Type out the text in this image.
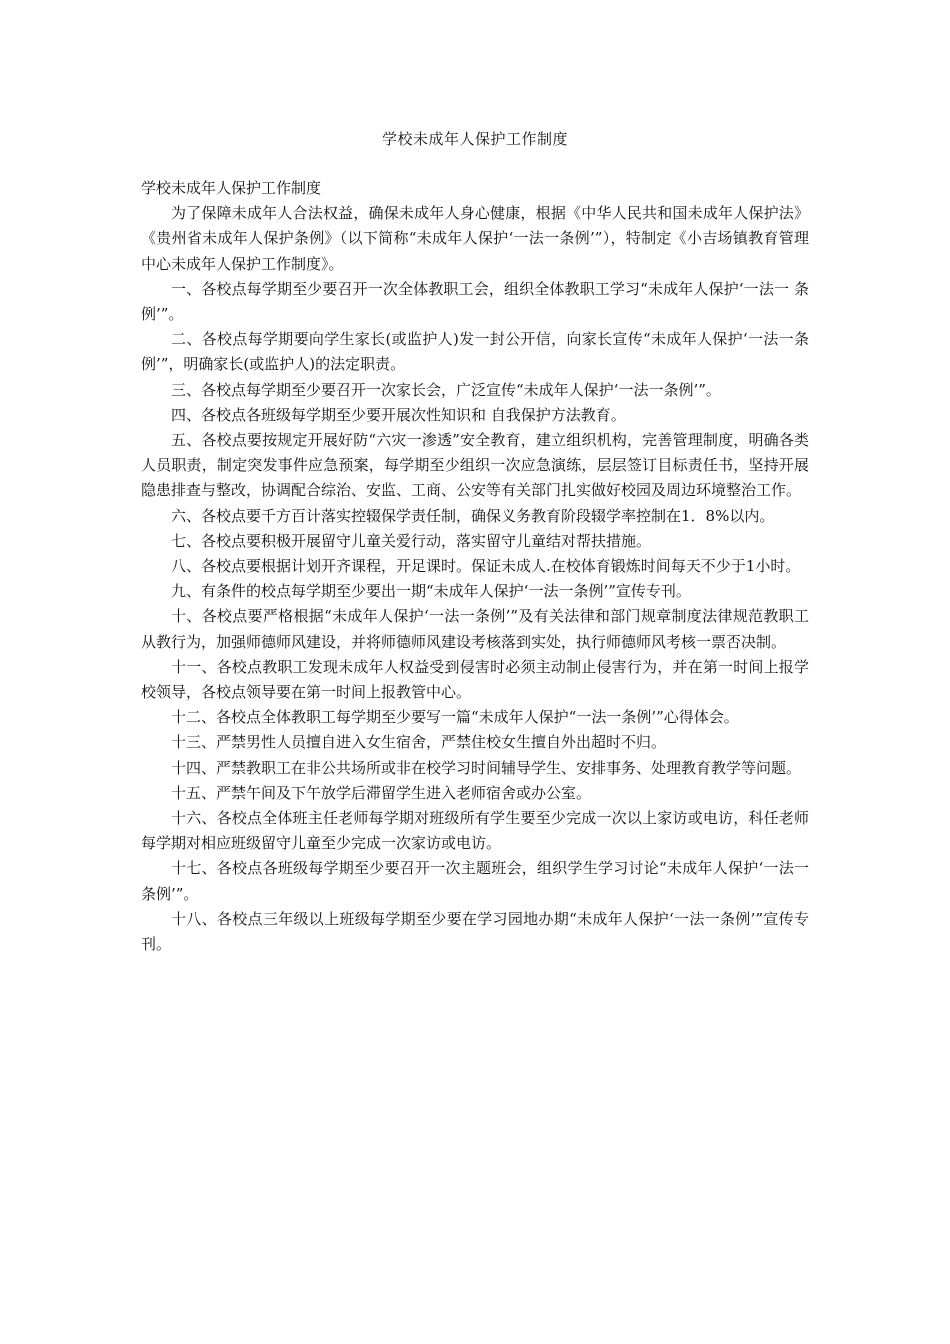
学校未成年人保护工作制度

学校未成年人保护工作制度

为了保障未成年人合法权益，确保未成年人身心健康，根据《中华人民共和国未成年人保护法》《贵州省未成年人保护条例》（以下简称“未成年人保护‘一法一条例’”），特制定《小吉场镇教育管理中心未成年人保护工作制度》。

一、各校点每学期至少要召开一次全体教职工会，组织全体教职工学习“未成年人保护‘一法一 条例’”。

二、各校点每学期要向学生家长(或监护人)发一封公开信，向家长宣传“未成年人保护‘一法一条例’”，明确家长(或监护人)的法定职责。

三、各校点每学期至少要召开一次家长会，广泛宣传“未成年人保护‘一法一条例’”。

四、各校点各班级每学期至少要开展次性知识和 自我保护方法教育。

五、各校点要按规定开展好防“六灾一渗透”安全教育，建立组织机构，完善管理制度，明确各类人员职责，制定突发事件应急预案，每学期至少组织一次应急演练，层层签订目标责任书，坚持开展隐患排查与整改，协调配合综治、安监、工商、公安等有关部门扎实做好校园及周边环境整治工作。

六、各校点要千方百计落实控辍保学责任制，确保义务教育阶段辍学率控制在1．8%以内。

七、各校点要积极开展留守儿童关爱行动，落实留守儿童结对帮扶措施。

八、各校点要根据计划开齐课程，开足课时。保证未成人.在校体育锻炼时间每天不少于1小时。

九、有条件的校点每学期至少要出一期“未成年人保护‘一法一条例’”宣传专刊。

十、各校点要严格根据“未成年人保护‘一法一条例’”及有关法律和部门规章制度法律规范教职工从教行为，加强师德师风建设，并将师德师风建设考核落到实处，执行师德师风考核一票否决制。

十一、各校点教职工发现未成年人权益受到侵害时必须主动制止侵害行为，并在第一时间上报学校领导，各校点领导要在第一时间上报教管中心。

十二、各校点全体教职工每学期至少要写一篇“未成年人保护“一法一条例’”心得体会。

十三、严禁男性人员擅自进入女生宿舍，严禁住校女生擅自外出超时不归。

十四、严禁教职工在非公共场所或非在校学习时间辅导学生、安排事务、处理教育教学等问题。

十五、严禁午间及下午放学后滞留学生进入老师宿舍或办公室。

十六、各校点全体班主任老师每学期对班级所有学生要至少完成一次以上家访或电访，科任老师每学期对相应班级留守儿童至少完成一次家访或电访。

十七、各校点各班级每学期至少要召开一次主题班会，组织学生学习讨论“未成年人保护‘一法一 条例’”。

十八、各校点三年级以上班级每学期至少要在学习园地办期“未成年人保护‘一法一条例’”宣传专刊。
